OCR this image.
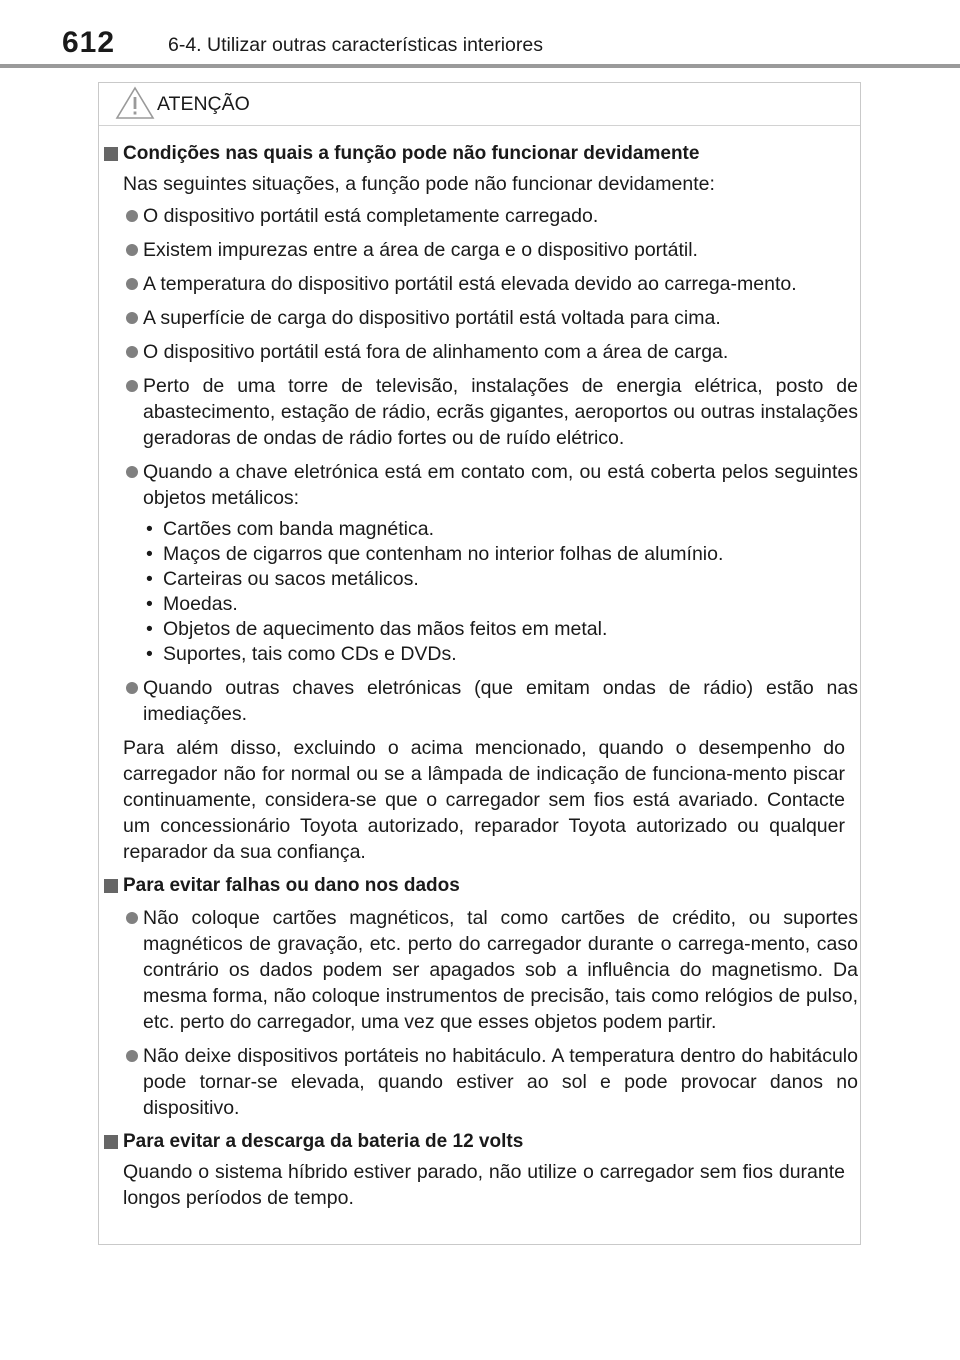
612	6-4. Utilizar outras características interiores
ATENÇÃO
Condições nas quais a função pode não funcionar devidamente
Nas seguintes situações, a função pode não funcionar devidamente:
O dispositivo portátil está completamente carregado.
Existem impurezas entre a área de carga e o dispositivo portátil.
A temperatura do dispositivo portátil está elevada devido ao carrega-mento.
A superfície de carga do dispositivo portátil está voltada para cima.
O dispositivo portátil está fora de alinhamento com a área de carga.
Perto de uma torre de televisão, instalações de energia elétrica, posto de abastecimento, estação de rádio, ecrãs gigantes, aeroportos ou outras instalações geradoras de ondas de rádio fortes ou de ruído elétrico.
Quando a chave eletrónica está em contato com, ou está coberta pelos seguintes objetos metálicos:
• Cartões com banda magnética.
• Maços de cigarros que contenham no interior folhas de alumínio.
• Carteiras ou sacos metálicos.
• Moedas.
• Objetos de aquecimento das mãos feitos em metal.
• Suportes, tais como CDs e DVDs.
Quando outras chaves eletrónicas (que emitam ondas de rádio) estão nas imediações.
Para além disso, excluindo o acima mencionado, quando o desempenho do carregador não for normal ou se a lâmpada de indicação de funciona-mento piscar continuamente, considera-se que o carregador sem fios está avariado. Contacte um concessionário Toyota autorizado, reparador Toyota autorizado ou qualquer reparador da sua confiança.
Para evitar falhas ou dano nos dados
Não coloque cartões magnéticos, tal como cartões de crédito, ou suportes magnéticos de gravação, etc. perto do carregador durante o carrega-mento, caso contrário os dados podem ser apagados sob a influência do magnetismo. Da mesma forma, não coloque instrumentos de precisão, tais como relógios de pulso, etc. perto do carregador, uma vez que esses objetos podem partir.
Não deixe dispositivos portáteis no habitáculo. A temperatura dentro do habitáculo pode tornar-se elevada, quando estiver ao sol e pode provocar danos no dispositivo.
Para evitar a descarga da bateria de 12 volts
Quando o sistema híbrido estiver parado, não utilize o carregador sem fios durante longos períodos de tempo.
